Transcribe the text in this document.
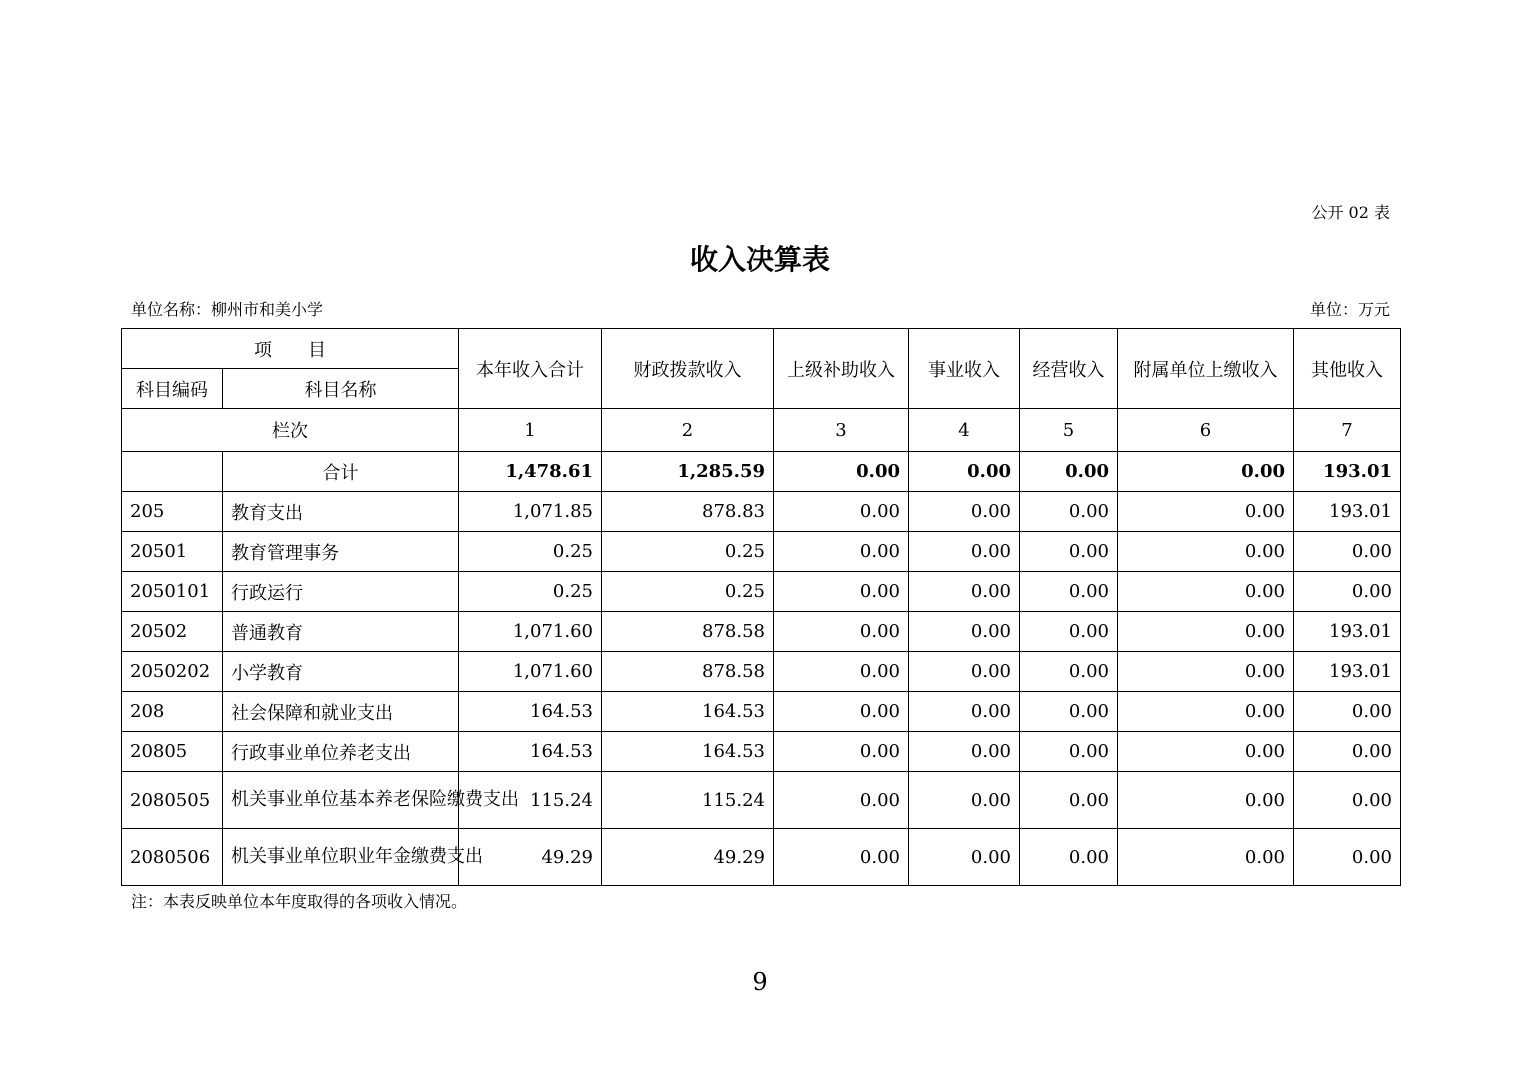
公开 02 表
收入决算表
单位名称：柳州市和美小学	单位：万元
项　　目		本年收入合计	财政拨款收入	上级补助收入	事业收入	经营收入	附属单位上缴收入	其他收入
科目编码	科目名称							
栏次		1	2	3	4	5	6	7
	合计	1,478.61	1,285.59	0.00	0.00	0.00	0.00	193.01
205	教育支出	1,071.85	878.83	0.00	0.00	0.00	0.00	193.01
20501	教育管理事务	0.25	0.25	0.00	0.00	0.00	0.00	0.00
2050101	行政运行	0.25	0.25	0.00	0.00	0.00	0.00	0.00
20502	普通教育	1,071.60	878.58	0.00	0.00	0.00	0.00	193.01
2050202	小学教育	1,071.60	878.58	0.00	0.00	0.00	0.00	193.01
208	社会保障和就业支出	164.53	164.53	0.00	0.00	0.00	0.00	0.00
20805	行政事业单位养老支出	164.53	164.53	0.00	0.00	0.00	0.00	0.00
2080505	机关事业单位基本养老保险缴费支出	115.24	115.24	0.00	0.00	0.00	0.00	0.00
2080506	机关事业单位职业年金缴费支出	49.29	49.29	0.00	0.00	0.00	0.00	0.00
注：本表反映单位本年度取得的各项收入情况。
9
